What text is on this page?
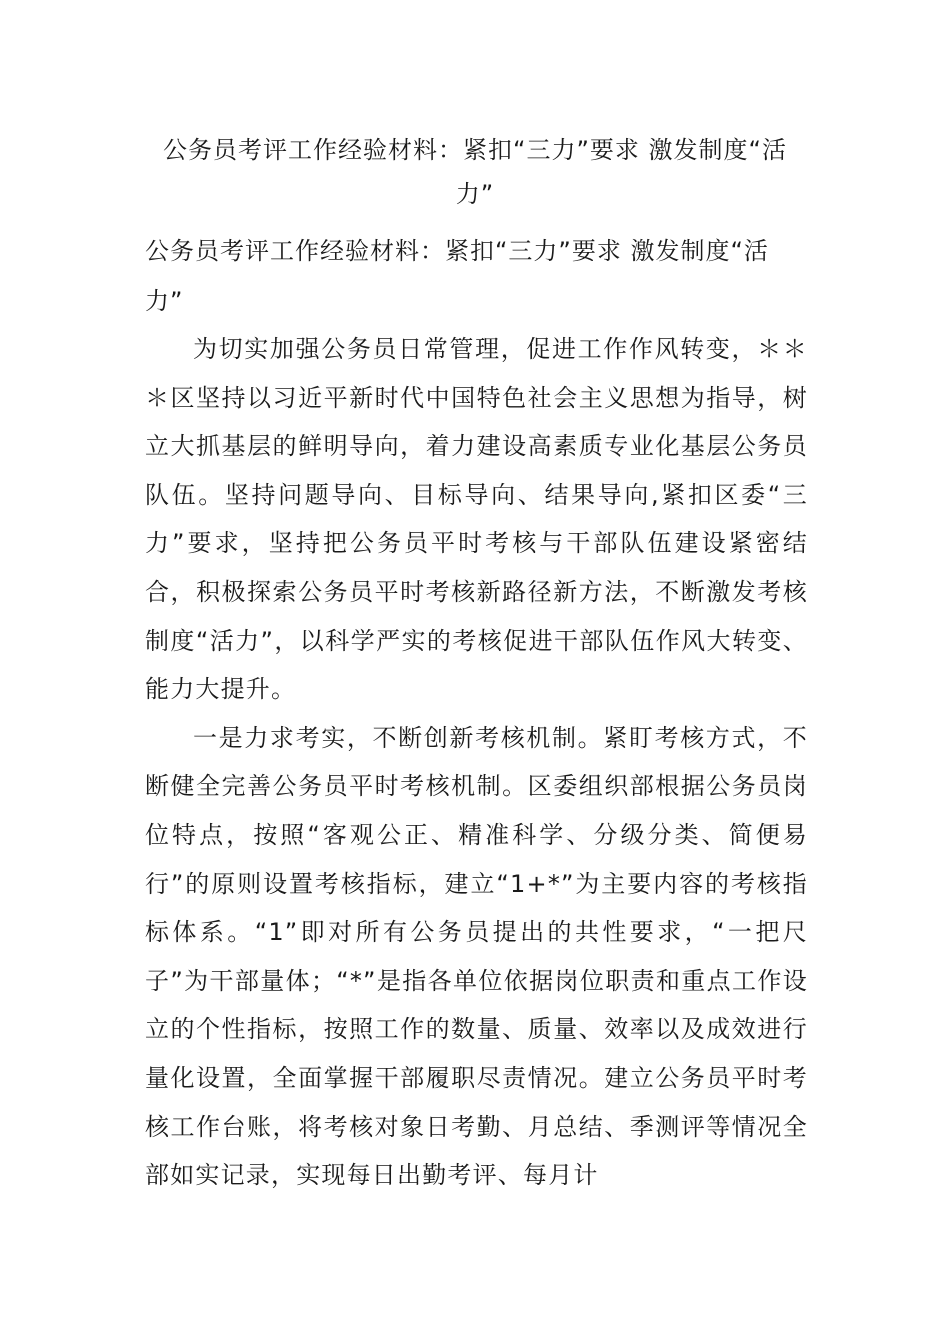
公务员考评工作经验材料：紧扣“三力”要求 激发制度“活力”
公务员考评工作经验材料：紧扣“三力”要求 激发制度“活力”

为切实加强公务员日常管理，促进工作作风转变，＊＊＊区坚持以习近平新时代中国特色社会主义思想为指导，树立大抓基层的鲜明导向，着力建设高素质专业化基层公务员队伍。坚持问题导向、目标导向、结果导向,紧扣区委“三力”要求，坚持把公务员平时考核与干部队伍建设紧密结合，积极探索公务员平时考核新路径新方法，不断激发考核制度“活力”，以科学严实的考核促进干部队伍作风大转变、能力大提升。

一是力求考实，不断创新考核机制。紧盯考核方式，不断健全完善公务员平时考核机制。区委组织部根据公务员岗位特点，按照“客观公正、精准科学、分级分类、简便易行”的原则设置考核指标，建立“1+*”为主要内容的考核指标体系。“1”即对所有公务员提出的共性要求，“一把尺子”为干部量体；“*”是指各单位依据岗位职责和重点工作设立的个性指标，按照工作的数量、质量、效率以及成效进行量化设置，全面掌握干部履职尽责情况。建立公务员平时考核工作台账，将考核对象日考勤、月总结、季测评等情况全部如实记录，实现每日出勤考评、每月计
